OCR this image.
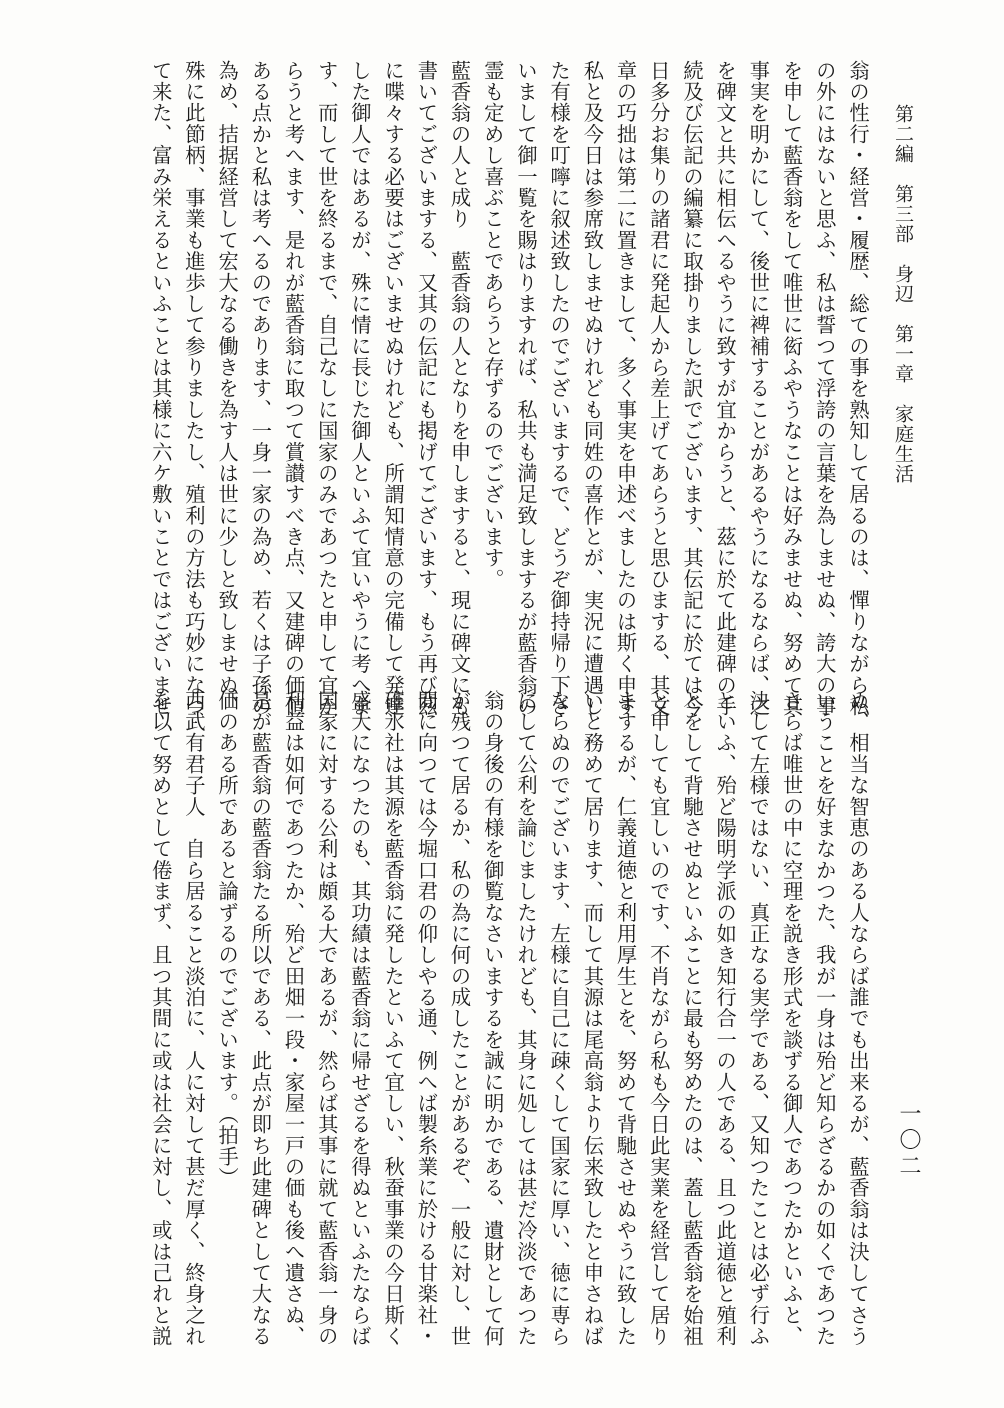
第二編　第三部　身辺　第一章　家庭生活
一〇二
翁の性行・経営・履歴、総ての事を熟知して居るのは、憚りながら私
の外にはないと思ふ、私は誓つて浮誇の言葉を為しませぬ、誇大の事
を申して藍香翁をして唯世に衒ふやうなことは好みませぬ、努めて其
事実を明かにして、後世に裨補することがあるやうになるならば、之
を碑文と共に相伝へるやうに致すが宜からうと、茲に於て此建碑の手
続及び伝記の編纂に取掛りました訳でございます、其伝記に於ては今
日多分お集りの諸君に発起人から差上げてあらうと思ひまする、其文
章の巧拙は第二に置きまして、多く事実を申述べましたのは斯く申す
私と及今日は参席致しませぬけれども同姓の喜作とが、実況に遭遇し
た有様を叮嚀に叙述致したのでございまするで、どうぞ御持帰り下さ
いまして御一覧を賜はりますれば、私共も満足致しまするが藍香翁の
霊も定めし喜ぶことであらうと存ずるのでございます。
藍香翁の人と成り　藍香翁の人となりを申しますると、現に碑文にも
書いてございまする、又其の伝記にも掲げてございます、もう再び茲
に喋々する必要はございませぬけれども、所謂知情意の完備して発達
した御人ではあるが、殊に情に長じた御人といふて宜いやうに考へま
す、而して世を終るまで、自己なしに国家のみであつたと申して宜か
らうと考へます、是れが藍香翁に取つて賞讃すべき点、又建碑の価値
ある点かと私は考へるのであります、一身一家の為め、若くは子孫の
為め、拮据経営して宏大なる働きを為す人は世に少しと致しませぬ、
殊に此節柄、事業も進歩して参りましたし、殖利の方法も巧妙になつ
て来た、富み栄えるといふことは其様に六ケ敷いことではございませ
ぬ、相当な智恵のある人ならば誰でも出来るが、藍香翁は決してさう
いうことを好まなかつた、我が一身は殆ど知らざるかの如くであつた
さらば唯世の中に空理を説き形式を談ずる御人であつたかといふと、
決して左様ではない、真正なる実学である、又知つたことは必ず行ふ
といふ、殆ど陽明学派の如き知行合一の人である、且つ此道徳と殖利
とをして背馳させぬといふことに最も努めたのは、蓋し藍香翁を始祖
と申しても宜しいのです、不肖ながら私も今日此実業を経営して居り
まするが、仁義道徳と利用厚生とを、努めて背馳させぬやうに致した
いと務めて居ります、而して其源は尾高翁より伝来致したと申さねば
ならぬのでございます、左様に自己に疎くして国家に厚い、徳に専ら
にして公利を論じましたけれども、其身に処しては甚だ冷淡であつた
翁の身後の有様を御覧なさいまするを誠に明かである、遺財として何
が残つて居るか、私の為に何の成したことがあるぞ、一般に対し、世
間に向つては今堀口君の仰しやる通、例へば製糸業に於ける甘楽社・
碓氷社は其源を藍香翁に発したといふて宜しい、秋蚕事業の今日斯く
盛大になつたのも、其功績は藍香翁に帰せざるを得ぬといふたならば
国家に対する公利は頗る大であるが、然らば其事に就て藍香翁一身の
利益は如何であつたか、殆ど田畑一段・家屋一戸の価も後へ遺さぬ、
是が藍香翁の藍香翁たる所以である、此点が即ち此建碑として大なる
価のある所であると論ずるのでございます。（拍手）
西武有君子人　自ら居ること淡泊に、人に対して甚だ厚く、終身之れ
を以て努めとして倦まず、且つ其間に或は社会に対し、或は己れと説
